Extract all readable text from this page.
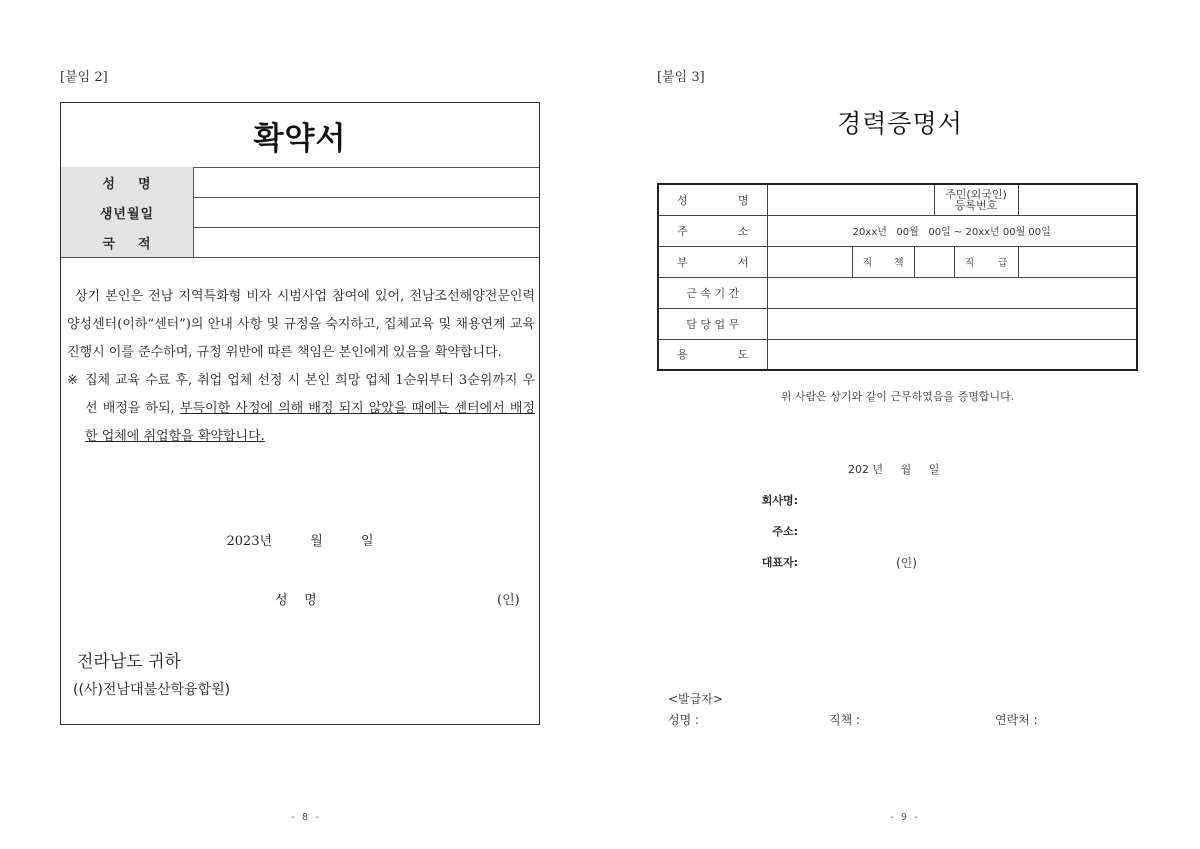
[붙임 2]
확약서
성    명
생년월일
국    적

상기 본인은 전남 지역특화형 비자 시범사업 참여에 있어, 전남조선해양전문인력양성센터(이하“센터”)의 안내 사항 및 규정을 숙지하고, 집체교육 및 채용연계 교육 진행시 이를 준수하며, 규정 위반에 따른 책임은 본인에게 있음을 확약합니다.

※ 집체 교육 수료 후, 취업 업체 선정 시 본인 희망 업체 1순위부터 3순위까지 우선 배정을 하되, 부득이한 사정에 의해 배정 되지 않았을 때에는 센터에서 배정한 업체에 취업함을 확약합니다.
2023년	월	일
성    명	(인)
전라남도 귀하
((사)전남대불산학융합원)
- 8 -
[붙임 3]
경력증명서
성	명		주민(외국인)
등록번호

주 소	20xx년   00월   00일 ~ 20xx년 00월 00일					

부 서		직 책			직 급	

근 속 기 간						
담 당 업 무						

용 도						

위 사람은 상기와 같이 근무하였음을 증명합니다.
202 년 월 일
회사명:
주소:
대표자:	(인)
<발급자>
성명 :	직책 :	연락처 :
- 9 -
